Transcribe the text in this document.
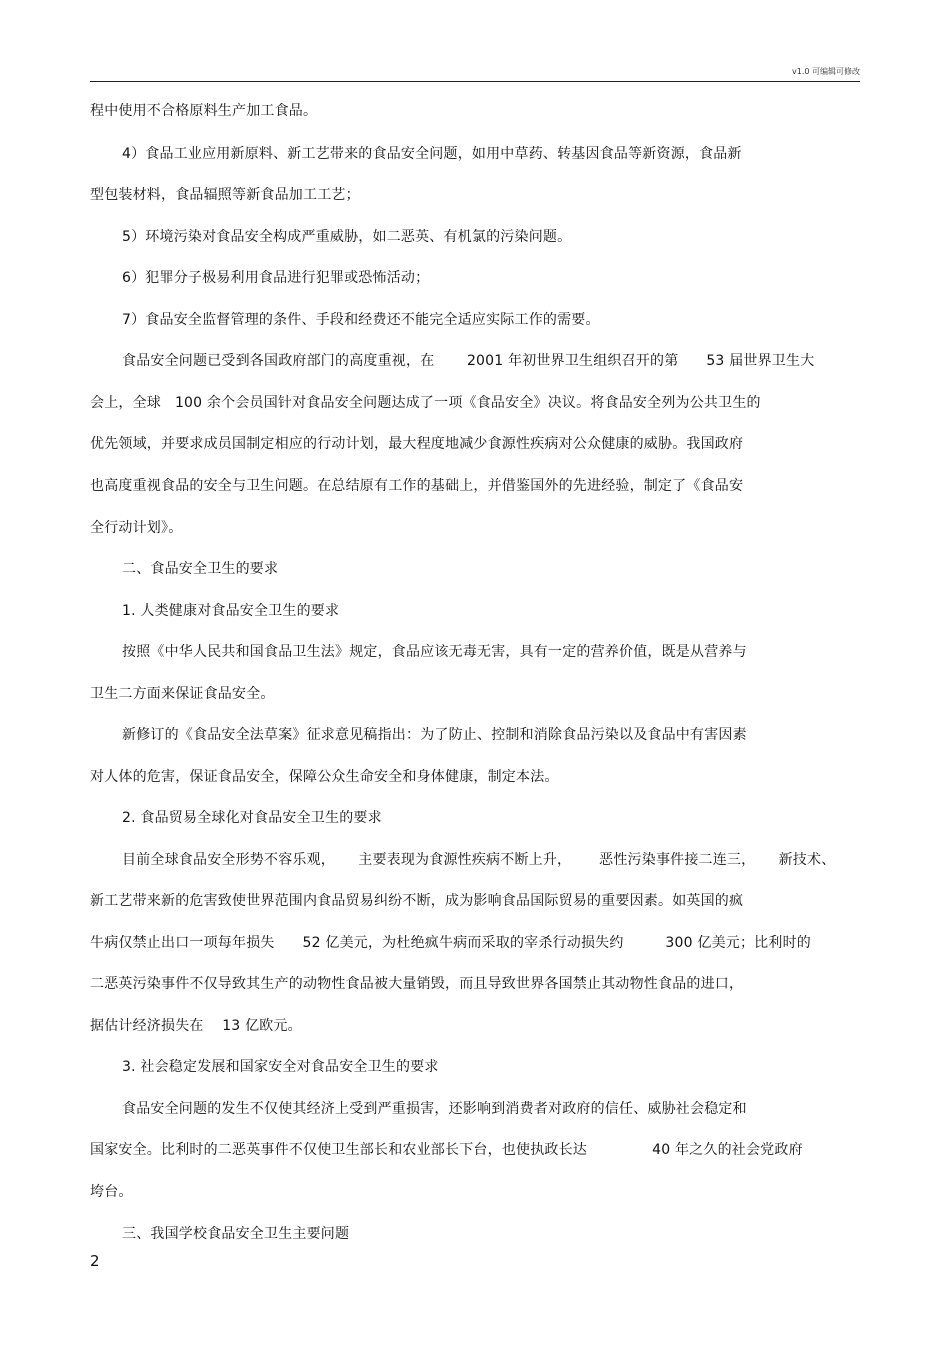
v1.0 可编辑可修改
程中使用不合格原料生产加工食品。
4）食品工业应用新原料、新工艺带来的食品安全问题，如用中草药、转基因食品等新资源，食品新
型包装材料，食品辐照等新食品加工工艺；
5）环境污染对食品安全构成严重威胁，如二恶英、有机氯的污染问题。
6）犯罪分子极易利用食品进行犯罪或恐怖活动；
7）食品安全监督管理的条件、手段和经费还不能完全适应实际工作的需要。
食品安全问题已受到各国政府部门的高度重视，在       2001 年初世界卫生组织召开的第      53 届世界卫生大
会上，全球   100 余个会员国针对食品安全问题达成了一项《食品安全》决议。将食品安全列为公共卫生的
优先领域，并要求成员国制定相应的行动计划，最大程度地减少食源性疾病对公众健康的威胁。我国政府
也高度重视食品的安全与卫生问题。在总结原有工作的基础上，并借鉴国外的先进经验，制定了《食品安
全行动计划》。
二、食品安全卫生的要求
1. 人类健康对食品安全卫生的要求
按照《中华人民共和国食品卫生法》规定，食品应该无毒无害，具有一定的营养价值，既是从营养与
卫生二方面来保证食品安全。
新修订的《食品安全法草案》征求意见稿指出：为了防止、控制和消除食品污染以及食品中有害因素
对人体的危害，保证食品安全，保障公众生命安全和身体健康，制定本法。
2. 食品贸易全球化对食品安全卫生的要求
目前全球食品安全形势不容乐观，     主要表现为食源性疾病不断上升，      恶性污染事件接二连三，     新技术、
新工艺带来新的危害致使世界范围内食品贸易纠纷不断，成为影响食品国际贸易的重要因素。如英国的疯
牛病仅禁止出口一项每年损失      52 亿美元，为杜绝疯牛病而采取的宰杀行动损失约         300 亿美元；比利时的
二恶英污染事件不仅导致其生产的动物性食品被大量销毁，而且导致世界各国禁止其动物性食品的进口，
据估计经济损失在    13 亿欧元。
3. 社会稳定发展和国家安全对食品安全卫生的要求
食品安全问题的发生不仅使其经济上受到严重损害，还影响到消费者对政府的信任、威胁社会稳定和
国家安全。比利时的二恶英事件不仅使卫生部长和农业部长下台，也使执政长达              40 年之久的社会党政府
垮台。
三、我国学校食品安全卫生主要问题
2
